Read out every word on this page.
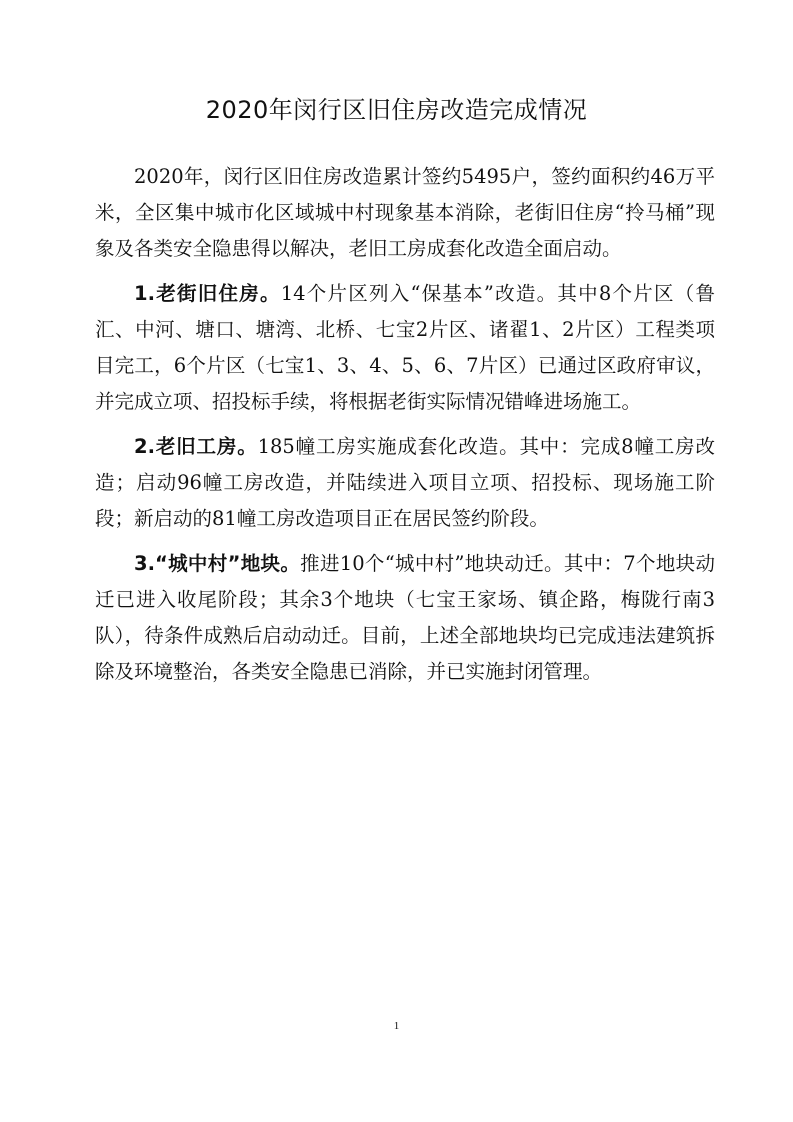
2020年闵行区旧住房改造完成情况

2020年，闵行区旧住房改造累计签约5495户，签约面积约46万平米，全区集中城市化区域城中村现象基本消除，老街旧住房“拎马桶”现象及各类安全隐患得以解决，老旧工房成套化改造全面启动。

1.老街旧住房。14个片区列入“保基本”改造。其中8个片区（鲁汇、中河、塘口、塘湾、北桥、七宝2片区、诸翟1、2片区）工程类项目完工，6个片区（七宝1、3、4、5、6、7片区）已通过区政府审议，并完成立项、招投标手续，将根据老街实际情况错峰进场施工。

2.老旧工房。185幢工房实施成套化改造。其中：完成8幢工房改造；启动96幢工房改造，并陆续进入项目立项、招投标、现场施工阶段；新启动的81幢工房改造项目正在居民签约阶段。

3.“城中村”地块。推进10个“城中村”地块动迁。其中：7个地块动迁已进入收尾阶段；其余3个地块（七宝王家场、镇企路，梅陇行南3队），待条件成熟后启动动迁。目前，上述全部地块均已完成违法建筑拆除及环境整治，各类安全隐患已消除，并已实施封闭管理。

1
